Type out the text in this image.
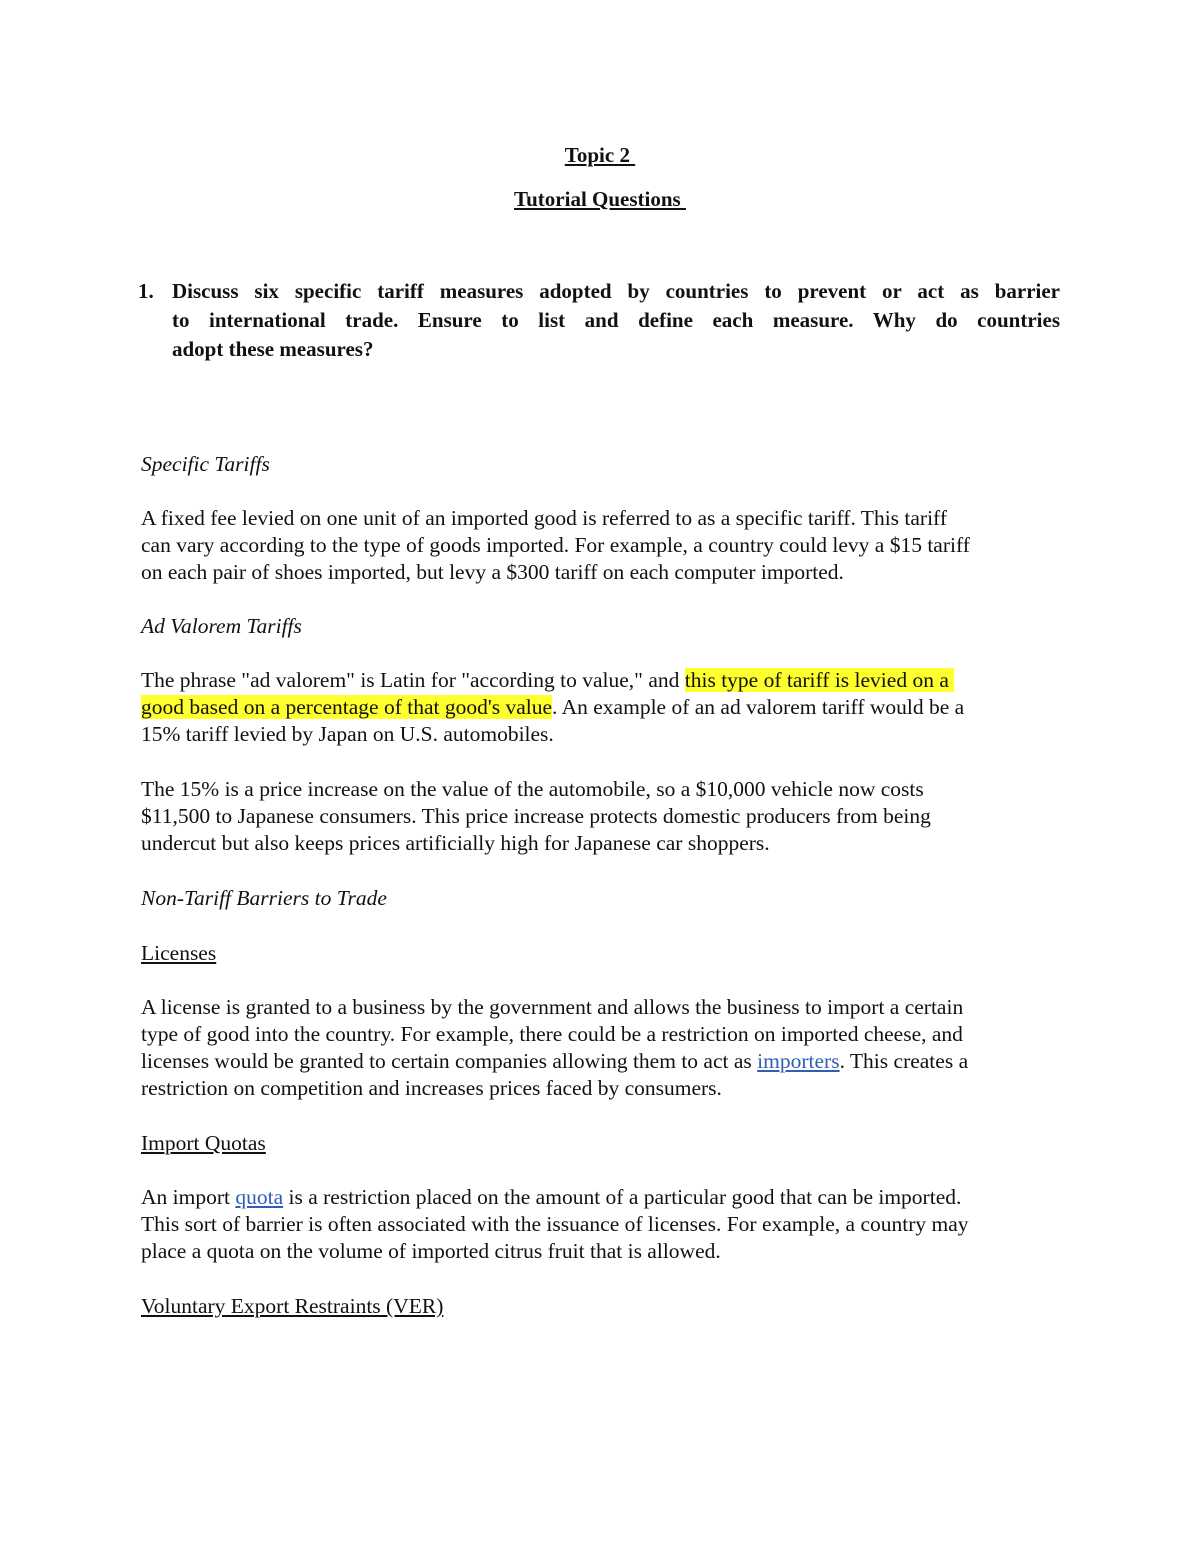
Topic 2
Tutorial Questions
1. Discuss six specific tariff measures adopted by countries to prevent or act as barrier
to international trade. Ensure to list and define each measure. Why do countries
adopt these measures?
Specific Tariffs
A fixed fee levied on one unit of an imported good is referred to as a specific tariff. This tariff
can vary according to the type of goods imported. For example, a country could levy a $15 tariff
on each pair of shoes imported, but levy a $300 tariff on each computer imported.
Ad Valorem Tariffs
The phrase "ad valorem" is Latin for "according to value," and this type of tariff is levied on a
good based on a percentage of that good's value. An example of an ad valorem tariff would be a
15% tariff levied by Japan on U.S. automobiles.
The 15% is a price increase on the value of the automobile, so a $10,000 vehicle now costs
$11,500 to Japanese consumers. This price increase protects domestic producers from being
undercut but also keeps prices artificially high for Japanese car shoppers.
Non-Tariff Barriers to Trade
Licenses
A license is granted to a business by the government and allows the business to import a certain
type of good into the country. For example, there could be a restriction on imported cheese, and
licenses would be granted to certain companies allowing them to act as importers. This creates a
restriction on competition and increases prices faced by consumers.
Import Quotas
An import quota is a restriction placed on the amount of a particular good that can be imported.
This sort of barrier is often associated with the issuance of licenses. For example, a country may
place a quota on the volume of imported citrus fruit that is allowed.
Voluntary Export Restraints (VER)
